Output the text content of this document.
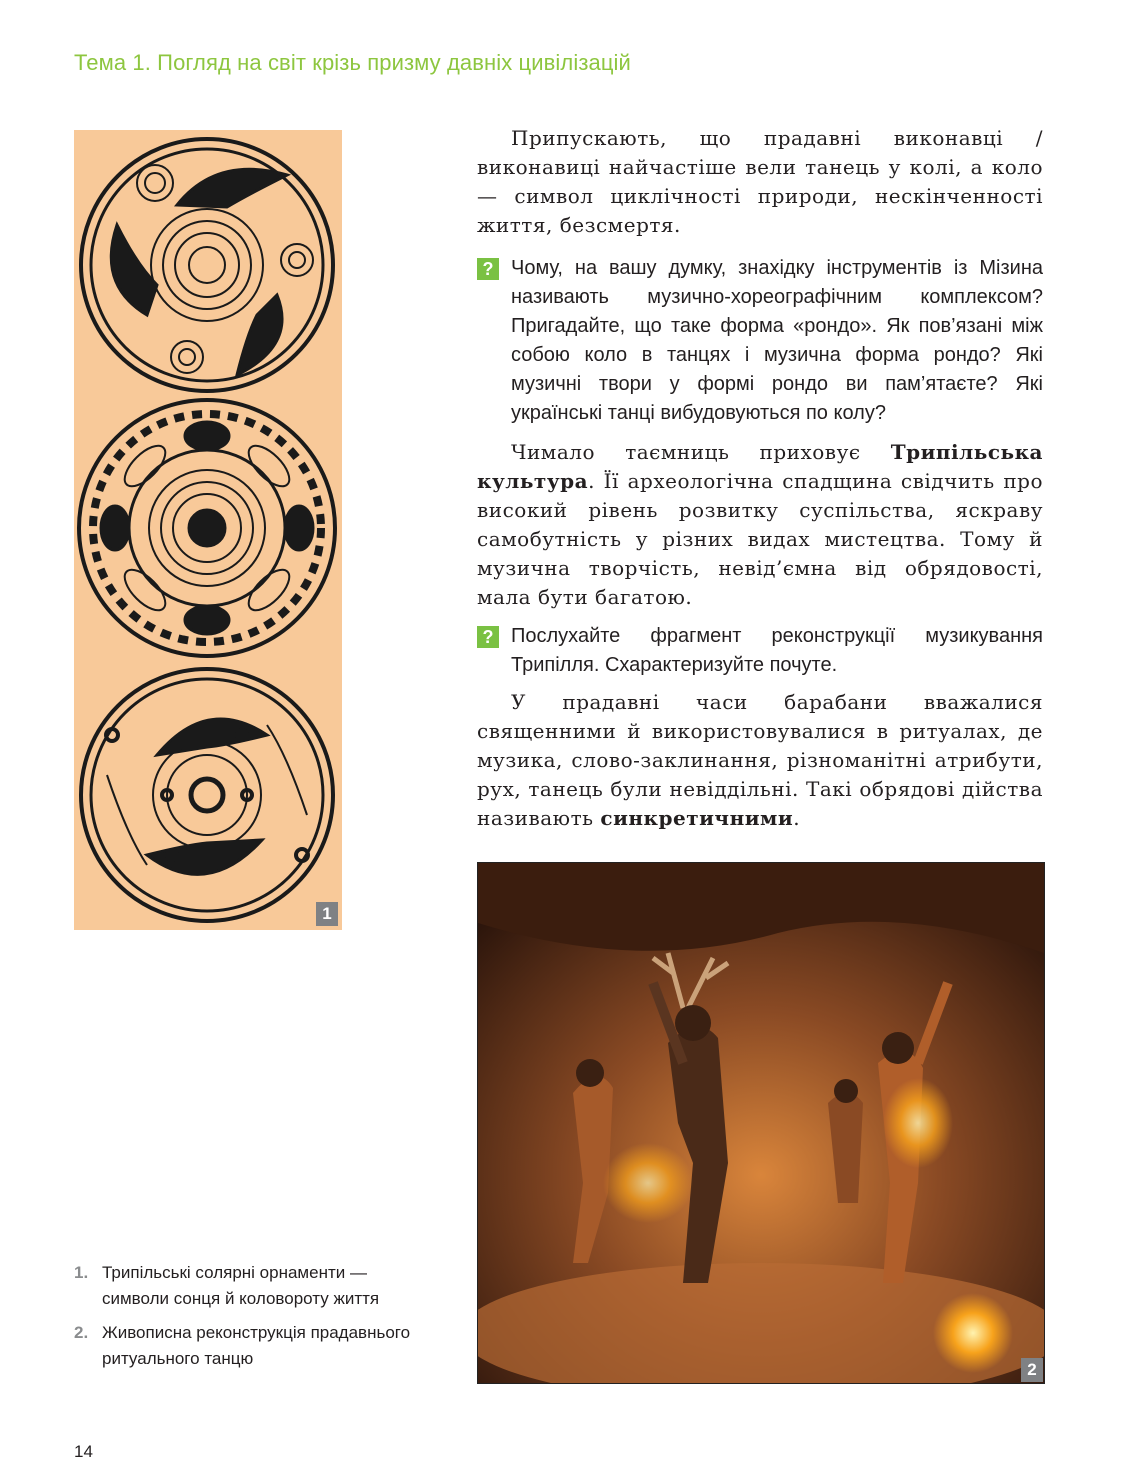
Тема 1. Погляд на світ крізь призму давніх цивілізацій
1

Припускають, що прадавні виконавці / виконавиці найчастіше вели танець у колі, а коло — символ циклічності природи, нескінченності життя, безсмертя.

? Чому, на вашу думку, знахідку інструментів із Мізина називають музично-хореографічним комплексом? Пригадайте, що таке форма «рондо». Як пов’язані між собою коло в танцях і музична форма рондо? Які музичні твори у формі рондо ви пам’ятаєте? Які українські танці вибудовуються по колу?

Чимало таємниць приховує Трипільська культура. Її археологічна спадщина свідчить про високий рівень розвитку суспільства, яскраву самобутність у різних видах мистецтва. Тому й музична творчість, невід’ємна від обрядовості, мала бути багатою.

? Послухайте фрагмент реконструкції музикування Трипілля. Схарактеризуйте почуте.

У прадавні часи барабани вважалися священними й використовувалися в ритуалах, де музика, слово-заклинання, різноманітні атрибути, рух, танець були невіддільні. Такі обрядові дійства називають синкретичними.

2
1. Трипільські солярні орнаменти — символи сонця й коловороту життя
2. Живописна реконструкція прадавнього ритуального танцю
14
